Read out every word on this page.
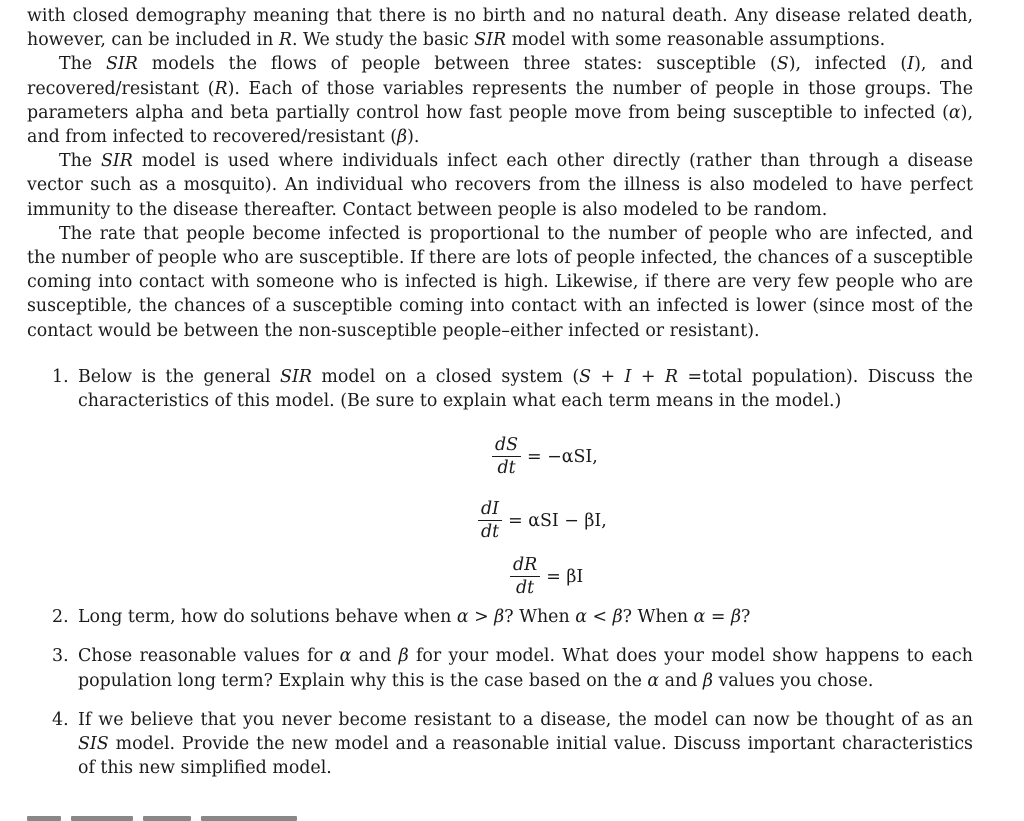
with closed demography meaning that there is no birth and no natural death. Any disease related death, however, can be included in R. We study the basic SIR model with some reasonable assumptions.

The SIR models the flows of people between three states: susceptible (S), infected (I), and recovered/resistant (R). Each of those variables represents the number of people in those groups. The parameters alpha and beta partially control how fast people move from being susceptible to infected (α), and from infected to recovered/resistant (β).

The SIR model is used where individuals infect each other directly (rather than through a disease vector such as a mosquito). An individual who recovers from the illness is also modeled to have perfect immunity to the disease thereafter. Contact between people is also modeled to be random.

The rate that people become infected is proportional to the number of people who are infected, and the number of people who are susceptible. If there are lots of people infected, the chances of a susceptible coming into contact with someone who is infected is high. Likewise, if there are very few people who are susceptible, the chances of a susceptible coming into contact with an infected is lower (since most of the contact would be between the non-susceptible people–either infected or resistant).

1. Below is the general SIR model on a closed system (S + I + R =total population). Discuss the characteristics of this model. (Be sure to explain what each term means in the model.)
$\frac{dS}{dt} = -\alpha SI$,
$\frac{dI}{dt} = \alpha SI - \beta I$,
$\frac{dR}{dt} = \beta I$
2. Long term, how do solutions behave when α > β? When α < β? When α = β?
3. Chose reasonable values for α and β for your model. What does your model show happens to each population long term? Explain why this is the case based on the α and β values you chose.
4. If we believe that you never become resistant to a disease, the model can now be thought of as an SIS model. Provide the new model and a reasonable initial value. Discuss important characteristics of this new simplified model.
